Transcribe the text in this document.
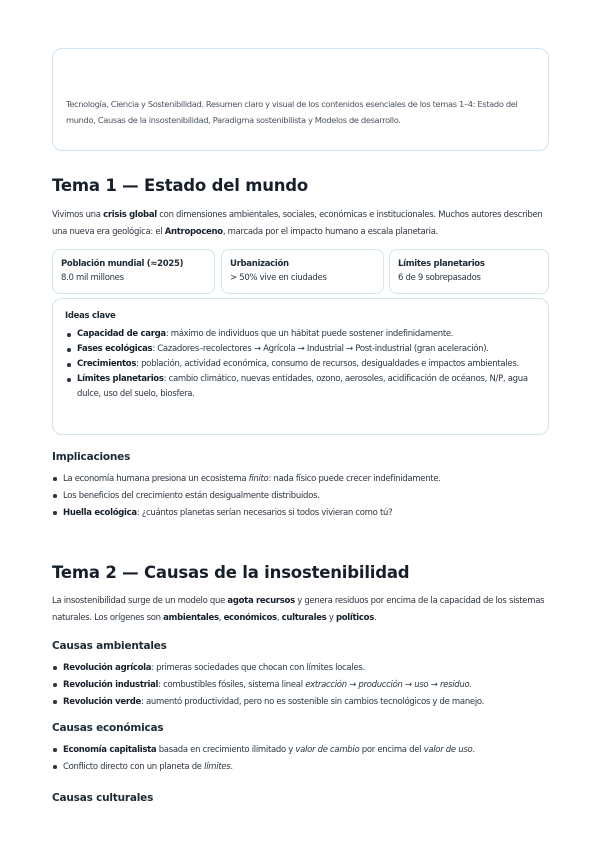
Tecnología, Ciencia y Sostenibilidad. Resumen claro y visual de los contenidos esenciales de los temas 1–4: Estado del mundo, Causas de la insostenibilidad, Paradigma sostenibilista y Modelos de desarrollo.

Tema 1 — Estado del mundo

Vivimos una crisis global con dimensiones ambientales, sociales, económicas e institucionales. Muchos autores describen una nueva era geológica: el Antropoceno, marcada por el impacto humano a escala planetaria.

Población mundial (≈2025)
8.0 mil millones
Urbanización
> 50% vive en ciudades
Límites planetarios
6 de 9 sobrepasados
Ideas clave
Capacidad de carga: máximo de individuos que un hábitat puede sostener indefinidamente.
Fases ecológicas: Cazadores–recolectores → Agrícola → Industrial → Post-industrial (gran aceleración).
Crecimientos: población, actividad económica, consumo de recursos, desigualdades e impactos ambientales.
Límites planetarios: cambio climático, nuevas entidades, ozono, aerosoles, acidificación de océanos, N/P, agua dulce, uso del suelo, biosfera.
Implicaciones
La economía humana presiona un ecosistema finito: nada físico puede crecer indefinidamente.
Los beneficios del crecimiento están desigualmente distribuidos.
Huella ecológica: ¿cuántos planetas serían necesarios si todos vivieran como tú?
Tema 2 — Causas de la insostenibilidad

La insostenibilidad surge de un modelo que agota recursos y genera residuos por encima de la capacidad de los sistemas naturales. Los orígenes son ambientales, económicos, culturales y políticos.

Causas ambientales
Revolución agrícola: primeras sociedades que chocan con límites locales.
Revolución industrial: combustibles fósiles, sistema lineal extracción → producción → uso → residuo.
Revolución verde: aumentó productividad, pero no es sostenible sin cambios tecnológicos y de manejo.
Causas económicas
Economía capitalista basada en crecimiento ilimitado y valor de cambio por encima del valor de uso.
Conflicto directo con un planeta de límites.
Causas culturales
